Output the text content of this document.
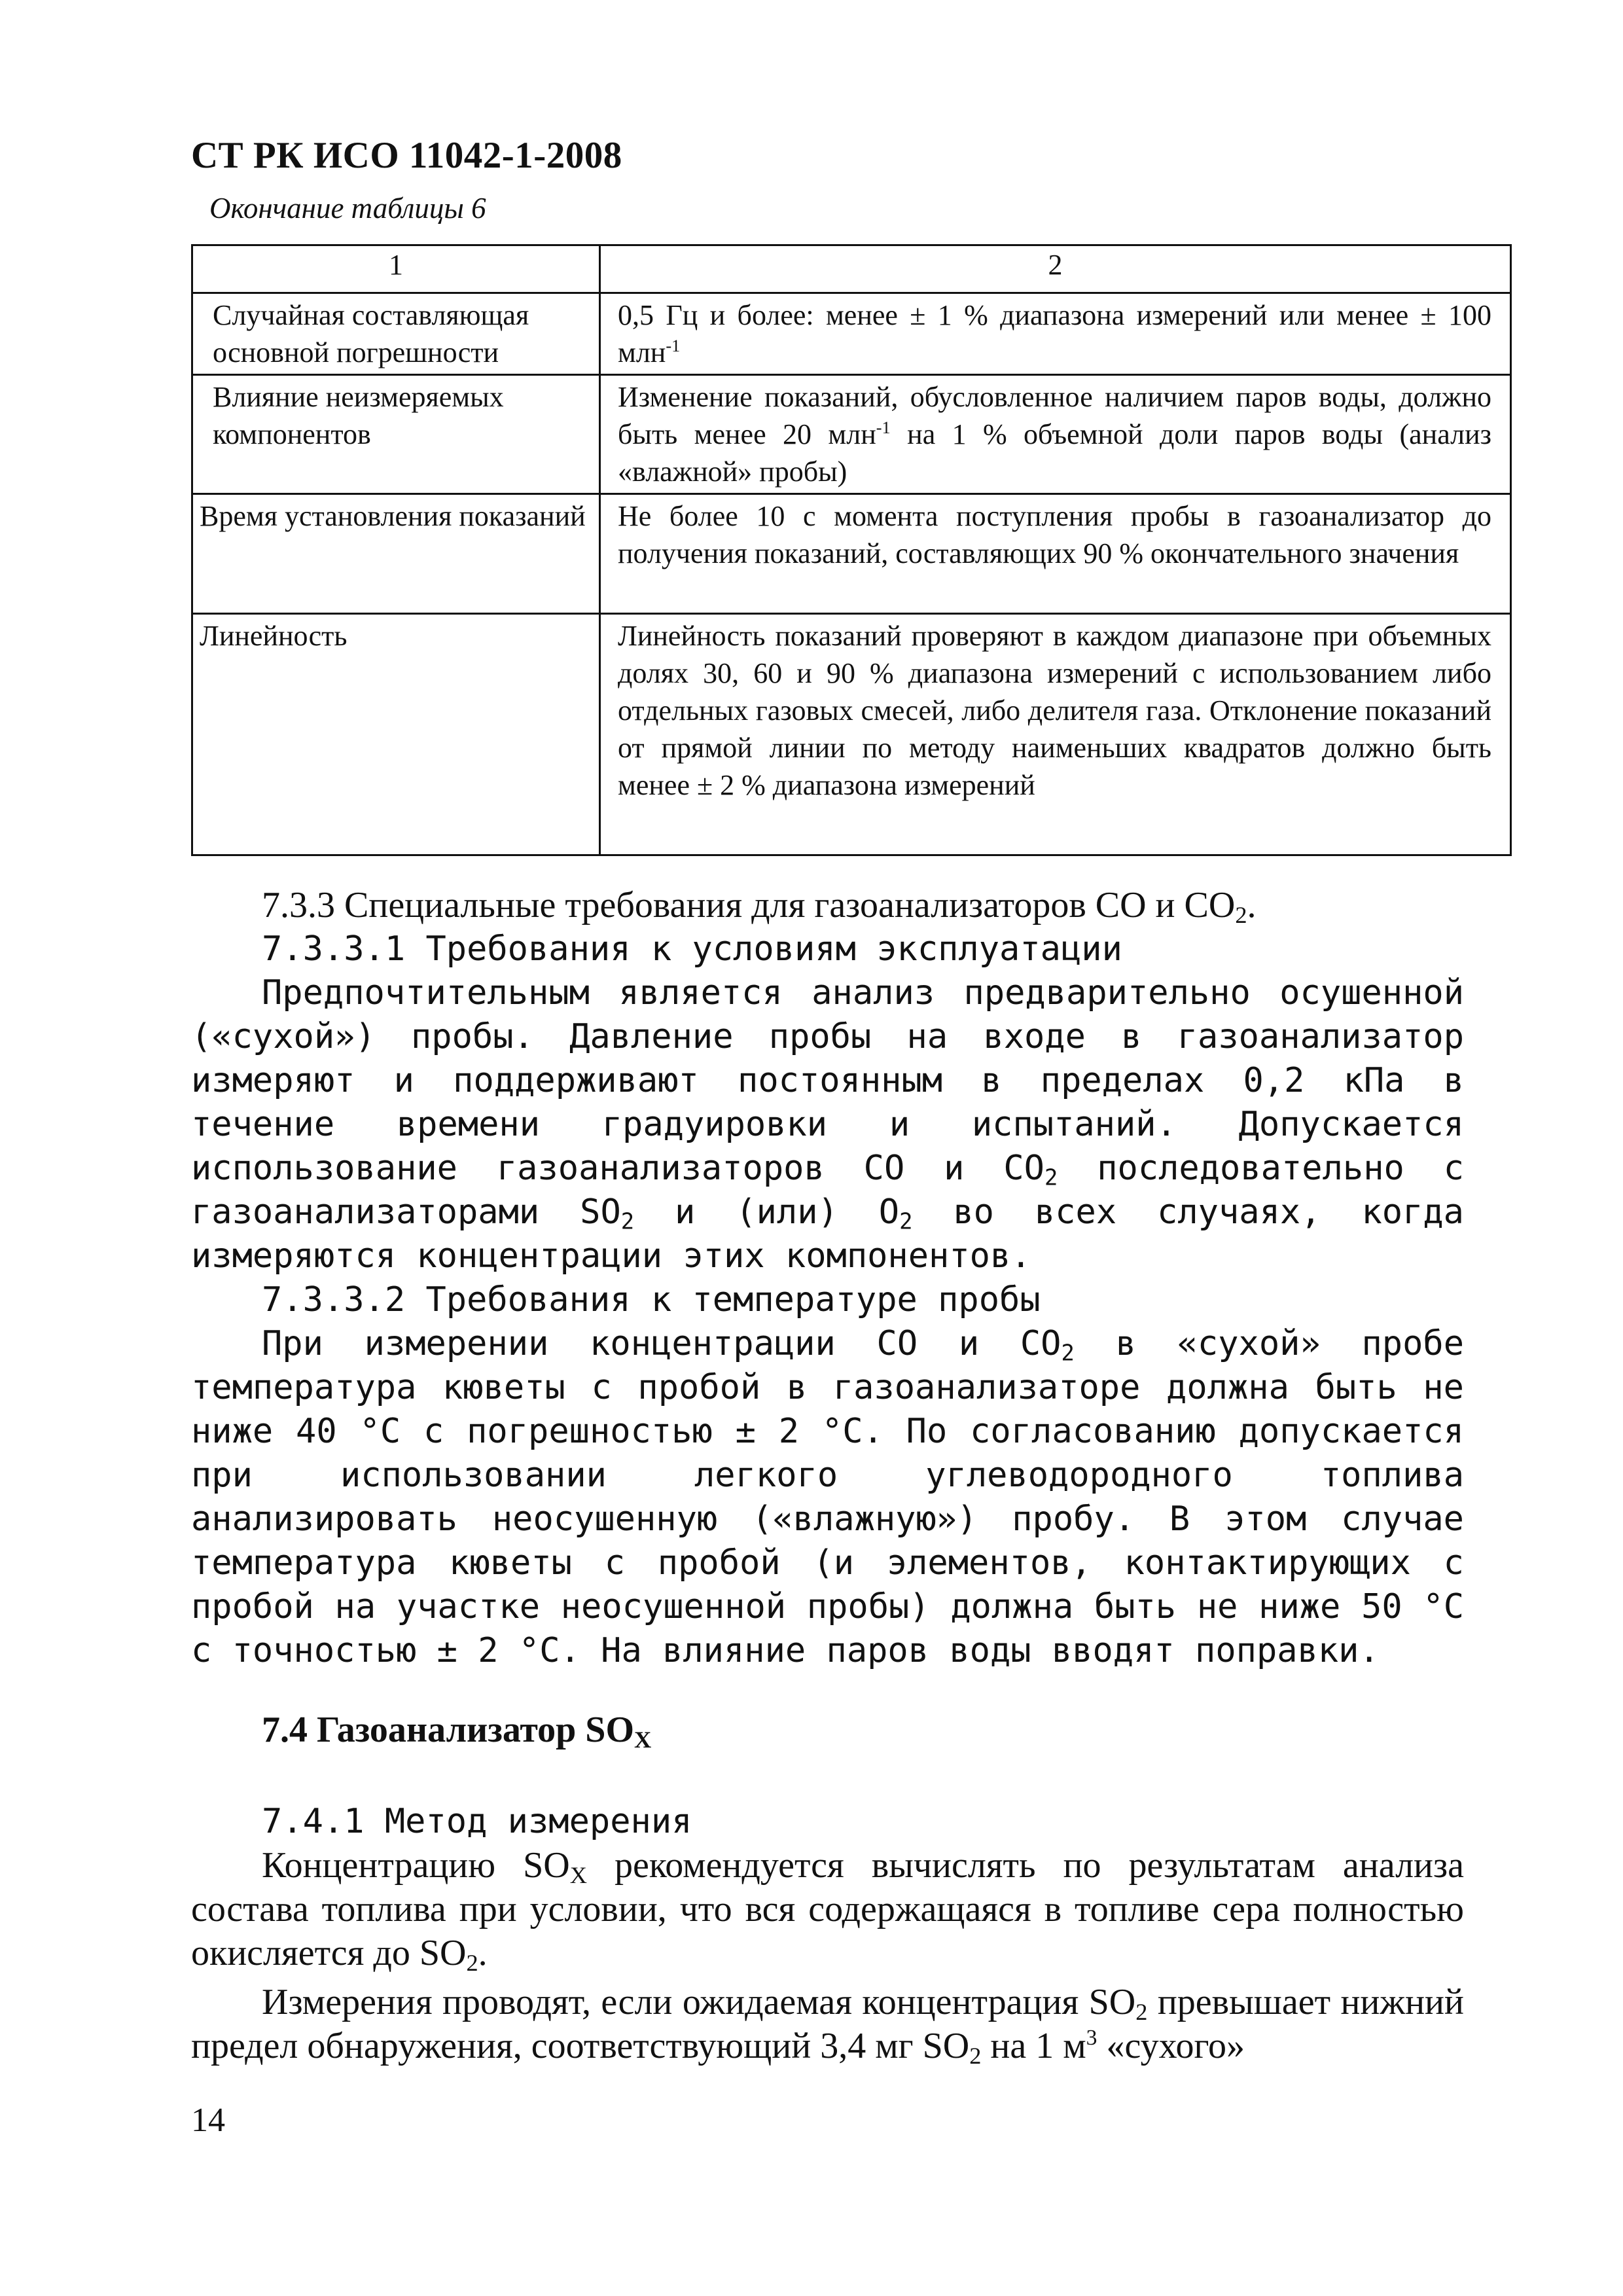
СТ РК ИСО 11042-1-2008
Окончание таблицы 6
1	2

Случайная составляющая основной погрешности	0,5 Гц и более: менее ± 1 % диапазона измерений или менее ± 100 млн$^{-1}$

Влияние неизмеряемых компонентов	Изменение показаний, обусловленное наличием паров воды, должно быть менее 20 млн$^{-1}$ на 1 % объемной доли паров воды (анализ «влажной» пробы)

Время установления показаний	Не более 10 с момента поступления пробы в газоанализатор до получения показаний, составляющих 90 % окончательного значения

Линейность	Линейность показаний проверяют в каждом диапазоне при объемных долях 30, 60 и 90 % диапазона измерений с использованием либо отдельных газовых смесей, либо делителя газа. Отклонение показаний от прямой линии по методу наименьших квадратов должно быть менее ± 2 % диапазона измерений

7.3.3 Специальные требования для газоанализаторов СО и $СО_2$.

7.3.3.1 Требования к условиям эксплуатации

Предпочтительным является анализ предварительно осушенной («сухой») пробы. Давление пробы на входе в газоанализатор измеряют и поддерживают постоянным в пределах 0,2 кПа в течение времени градуировки и испытаний. Допускается использование газоанализаторов СО и $СО_2$ последовательно с газоанализаторами $SO_2$ и (или) $O_2$ во всех случаях, когда измеряются концентрации этих компонентов.

7.3.3.2 Требования к температуре пробы

При измерении концентрации СО и $СО_2$ в «сухой» пробе температура кюветы с пробой в газоанализаторе должна быть не ниже 40 °С с погрешностью ± 2 °С. По согласованию допускается при использовании легкого углеводородного топлива анализировать неосушенную («влажную») пробу. В этом случае температура кюветы с пробой (и элементов, контактирующих с пробой на участке неосушенной пробы) должна быть не ниже 50 °С с точностью ± 2 °С. На влияние паров воды вводят поправки.

7.4 Газоанализатор $SO_X$

7.4.1 Метод измерения

Концентрацию $SO_X$ рекомендуется вычислять по результатам анализа состава топлива при условии, что вся содержащаяся в топливе сера полностью окисляется до $SO_2$.

Измерения проводят, если ожидаемая концентрация $SO_2$ превышает нижний предел обнаружения, соответствующий 3,4 мг $SO_2$ на 1 $м^3$ «сухого»

14
